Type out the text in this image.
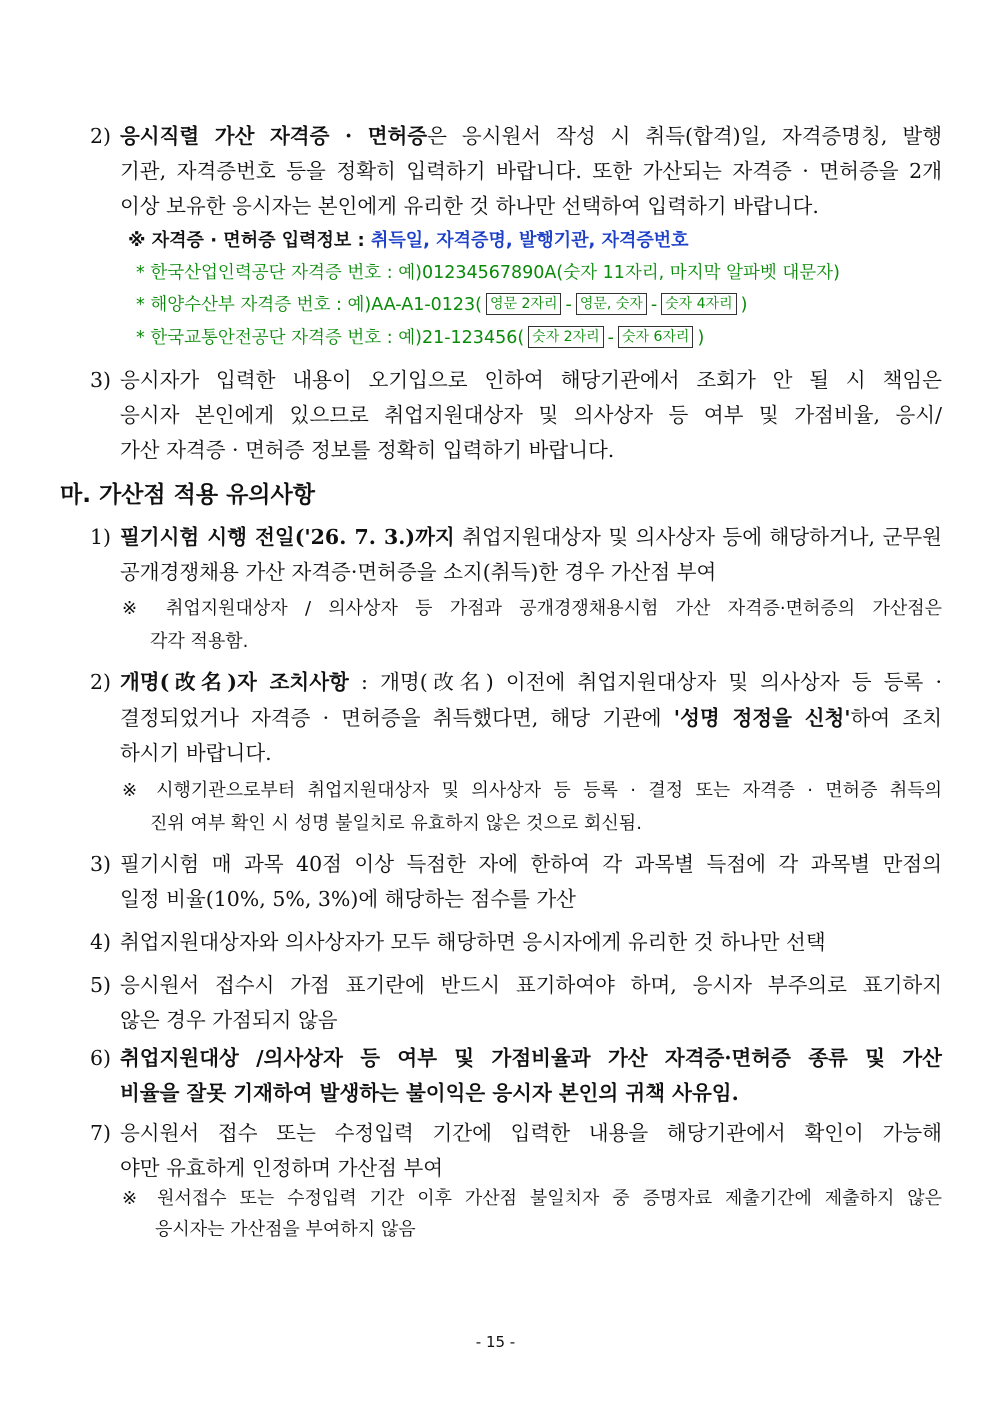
2) 응시직렬 가산 자격증 · 면허증은 응시원서 작성 시 취득(합격)일, 자격증명칭, 발행
기관, 자격증번호 등을 정확히 입력하기 바랍니다. 또한 가산되는 자격증 · 면허증을 2개
이상 보유한 응시자는 본인에게 유리한 것 하나만 선택하여 입력하기 바랍니다.
※ 자격증 · 면허증 입력정보 : 취득일, 자격증명, 발행기관, 자격증번호
* 한국산업인력공단 자격증 번호 : 예)01234567890A(숫자 11자리, 마지막 알파벳 대문자)
* 해양수산부 자격증 번호 : 예)AA-A1-0123( 영문 2자리 - 영문, 숫자 - 숫자 4자리 )
* 한국교통안전공단 자격증 번호 : 예)21-123456( 숫자 2자리 - 숫자 6자리 )
3) 응시자가 입력한 내용이 오기입으로 인하여 해당기관에서 조회가 안 될 시 책임은
응시자 본인에게 있으므로 취업지원대상자 및 의사상자 등 여부 및 가점비율, 응시/
가산 자격증 · 면허증 정보를 정확히 입력하기 바랍니다.
마. 가산점 적용 유의사항
1) 필기시험 시행 전일('26. 7. 3.)까지 취업지원대상자 및 의사상자 등에 해당하거나, 군무원
공개경쟁채용 가산 자격증·면허증을 소지(취득)한 경우 가산점 부여
※ 취업지원대상자 / 의사상자 등 가점과 공개경쟁채용시험 가산 자격증·면허증의 가산점은
각각 적용함.
2) 개명(改名)자 조치사항 : 개명(改名) 이전에 취업지원대상자 및 의사상자 등 등록 ·
결정되었거나 자격증 · 면허증을 취득했다면, 해당 기관에 '성명 정정을 신청'하여 조치
하시기 바랍니다.
※ 시행기관으로부터 취업지원대상자 및 의사상자 등 등록 · 결정 또는 자격증 · 면허증 취득의
진위 여부 확인 시 성명 불일치로 유효하지 않은 것으로 회신됨.
3) 필기시험 매 과목 40점 이상 득점한 자에 한하여 각 과목별 득점에 각 과목별 만점의
일정 비율(10%, 5%, 3%)에 해당하는 점수를 가산
4) 취업지원대상자와 의사상자가 모두 해당하면 응시자에게 유리한 것 하나만 선택
5) 응시원서 접수시 가점 표기란에 반드시 표기하여야 하며, 응시자 부주의로 표기하지
않은 경우 가점되지 않음
6) 취업지원대상 /의사상자 등 여부 및 가점비율과 가산 자격증·면허증 종류 및 가산
비율을 잘못 기재하여 발생하는 불이익은 응시자 본인의 귀책 사유임.
7) 응시원서 접수 또는 수정입력 기간에 입력한 내용을 해당기관에서 확인이 가능해
야만 유효하게 인정하며 가산점 부여
※ 원서접수 또는 수정입력 기간 이후 가산점 불일치자 중 증명자료 제출기간에 제출하지 않은
응시자는 가산점을 부여하지 않음
- 15 -
